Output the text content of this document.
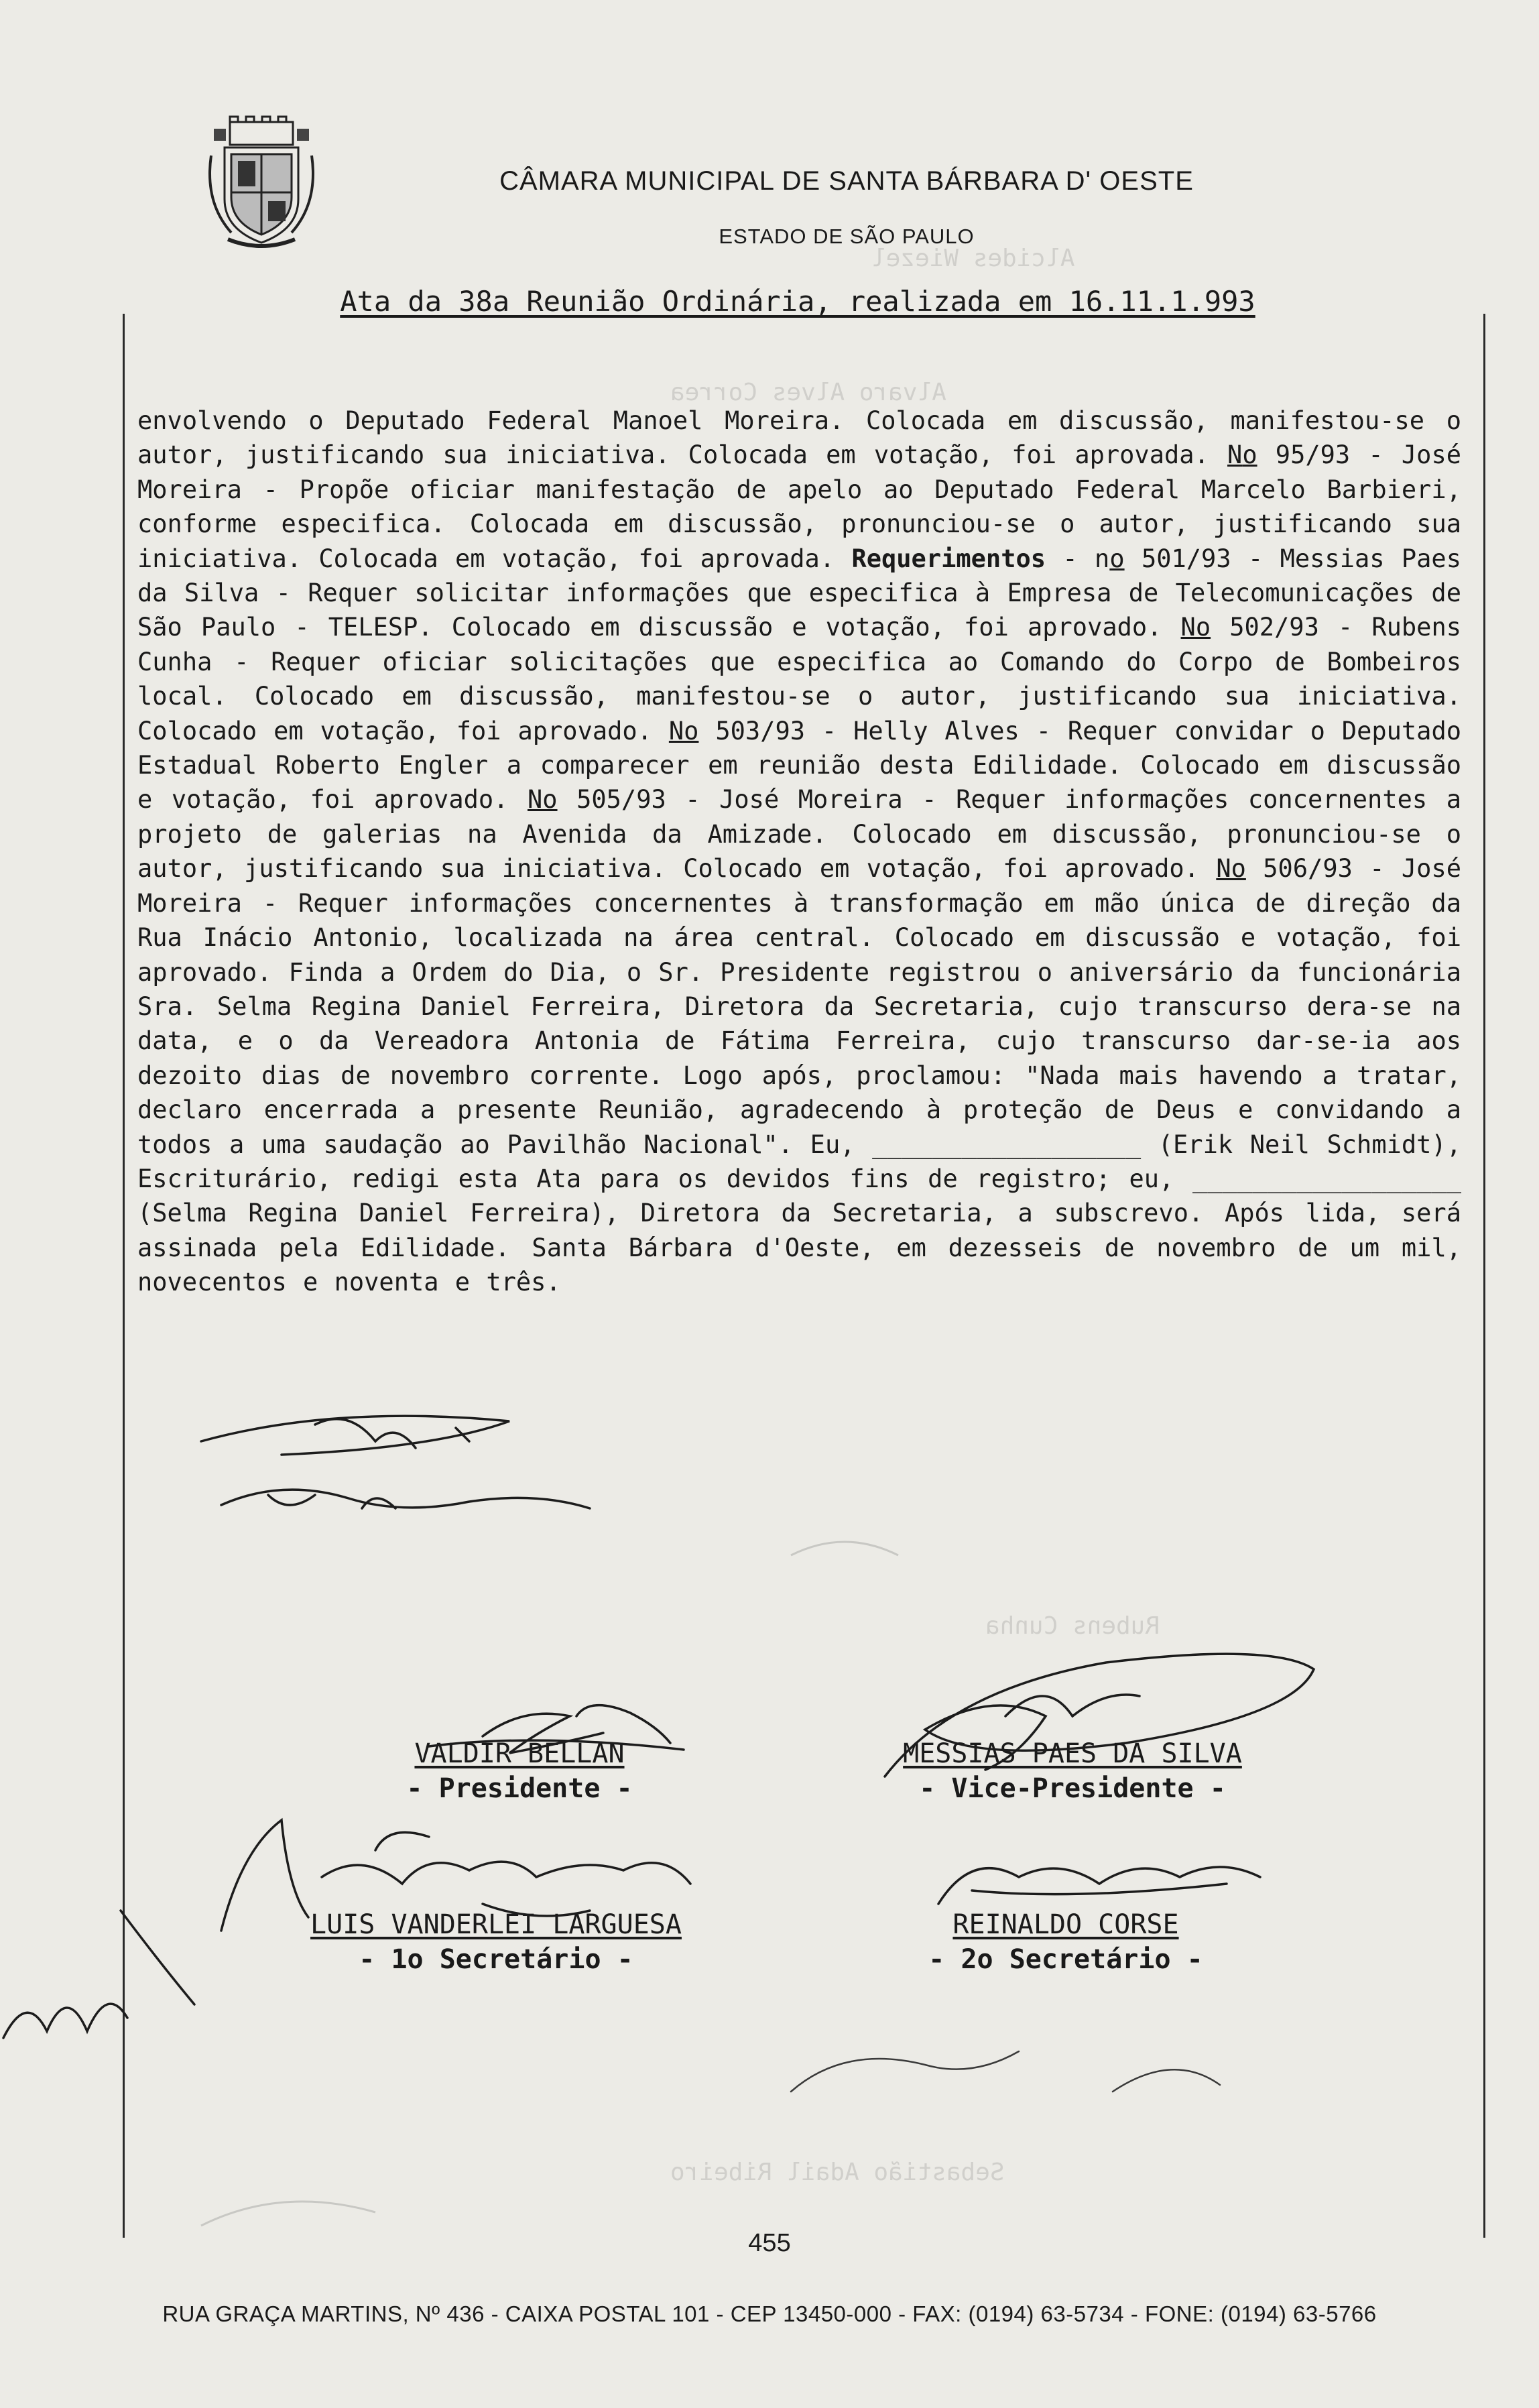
Alcides Wiezel
Alvaro Alves Correa
Rubens Cunha
Sebastião Adail Ribeiro
CÂMARA MUNICIPAL DE SANTA BÁRBARA D' OESTE
ESTADO DE SÃO PAULO
Ata da 38a Reunião Ordinária, realizada em 16.11.1.993
envolvendo o Deputado Federal Manoel Moreira. Colocada em discussão, manifestou-se o autor, justificando sua iniciativa. Colocada em votação, foi aprovada. No 95/93 - José Moreira - Propõe oficiar manifestação de apelo ao Deputado Federal Marcelo Barbieri, conforme especifica. Colocada em discussão, pronunciou-se o autor, justificando sua iniciativa. Colocada em votação, foi aprovada. Requerimentos - no 501/93 - Messias Paes da Silva - Requer solicitar informações que especifica à Empresa de Telecomunicações de São Paulo - TELESP. Colocado em discussão e votação, foi aprovado. No 502/93 - Rubens Cunha - Requer oficiar solicitações que especifica ao Comando do Corpo de Bombeiros local. Colocado em discussão, manifestou-se o autor, justificando sua iniciativa. Colocado em votação, foi aprovado. No 503/93 - Helly Alves - Requer convidar o Deputado Estadual Roberto Engler a comparecer em reunião desta Edilidade. Colocado em discussão e votação, foi aprovado. No 505/93 - José Moreira - Requer informações concernentes a projeto de galerias na Avenida da Amizade. Colocado em discussão, pronunciou-se o autor, justificando sua iniciativa. Colocado em votação, foi aprovado. No 506/93 - José Moreira - Requer informações concernentes à transformação em mão única de direção da Rua Inácio Antonio, localizada na área central. Colocado em discussão e votação, foi aprovado. Finda a Ordem do Dia, o Sr. Presidente registrou o aniversário da funcionária Sra. Selma Regina Daniel Ferreira, Diretora da Secretaria, cujo transcurso dera-se na data, e o da Vereadora Antonia de Fátima Ferreira, cujo transcurso dar-se-ia aos dezoito dias de novembro corrente. Logo após, proclamou: "Nada mais havendo a tratar, declaro encerrada a presente Reunião, agradecendo à proteção de Deus e convidando a todos a uma saudação ao Pavilhão Nacional". Eu, __________________ (Erik Neil Schmidt), Escriturário, redigi esta Ata para os devidos fins de registro; eu, __________________ (Selma Regina Daniel Ferreira), Diretora da Secretaria, a subscrevo. Após lida, será assinada pela Edilidade. Santa Bárbara d'Oeste, em dezesseis de novembro de um mil, novecentos e noventa e três.
VALDIR BELLAN
- Presidente -
MESSIAS PAES DA SILVA
- Vice-Presidente -
LUIS VANDERLEI LARGUESA
- 1o Secretário -
REINALDO CORSE
- 2o Secretário -
455
RUA GRAÇA MARTINS, Nº 436 - CAIXA POSTAL 101 - CEP 13450-000 - FAX: (0194) 63-5734 - FONE: (0194) 63-5766
